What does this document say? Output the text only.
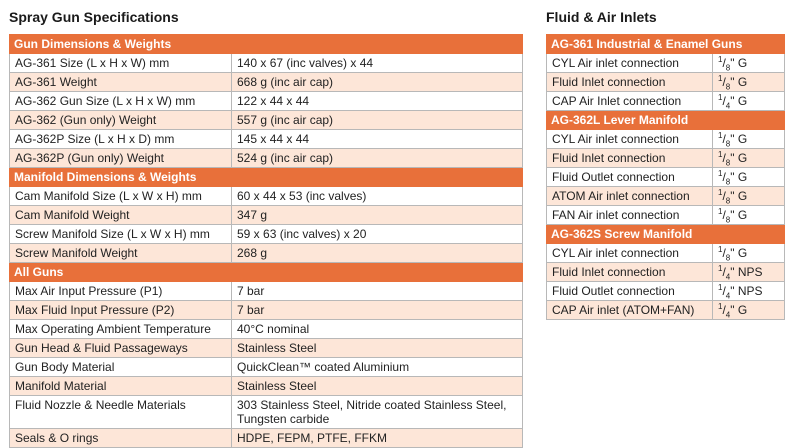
Spray Gun Specifications
Gun Dimensions & Weights	
AG-361 Size (L x H x W) mm	140 x 67 (inc valves) x 44
AG-361 Weight	668 g (inc air cap)
AG-362 Gun Size (L x H x W) mm	122 x 44 x 44
AG-362 (Gun only) Weight	557 g (inc air cap)
AG-362P Size (L x H x D) mm	145 x 44 x 44
AG-362P (Gun only) Weight	524 g (inc air cap)
Manifold Dimensions & Weights	
Cam Manifold Size (L x W x H) mm	60 x 44 x 53 (inc valves)
Cam Manifold Weight	347 g
Screw Manifold Size (L x W x H) mm	59 x 63 (inc valves) x 20
Screw Manifold Weight	268 g
All Guns	
Max Air Input Pressure (P1)	7 bar
Max Fluid Input Pressure (P2)	7 bar
Max Operating Ambient Temperature	40°C nominal
Gun Head & Fluid Passageways	Stainless Steel
Gun Body Material	QuickClean™ coated Aluminium
Manifold Material	Stainless Steel
Fluid Nozzle & Needle Materials	303 Stainless Steel, Nitride coated Stainless Steel, Tungsten carbide
Seals & O rings	HDPE, FEPM, PTFE, FFKM
Fluid & Air Inlets
AG-361 Industrial & Enamel Guns	
CYL Air inlet connection	$^1/_8$" G
Fluid Inlet connection	$^1/_8$" G
CAP Air Inlet connection	$^1/_4$" G
AG-362L Lever Manifold	
CYL Air inlet connection	$^1/_8$" G
Fluid Inlet connection	$^1/_8$" G
Fluid Outlet connection	$^1/_8$" G
ATOM Air inlet connection	$^1/_8$" G
FAN Air inlet connection	$^1/_8$" G
AG-362S Screw Manifold	
CYL Air inlet connection	$^1/_8$" G
Fluid Inlet connection	$^1/_4$" NPS
Fluid Outlet connection	$^1/_4$" NPS
CAP Air inlet (ATOM+FAN)	$^1/_4$" G
